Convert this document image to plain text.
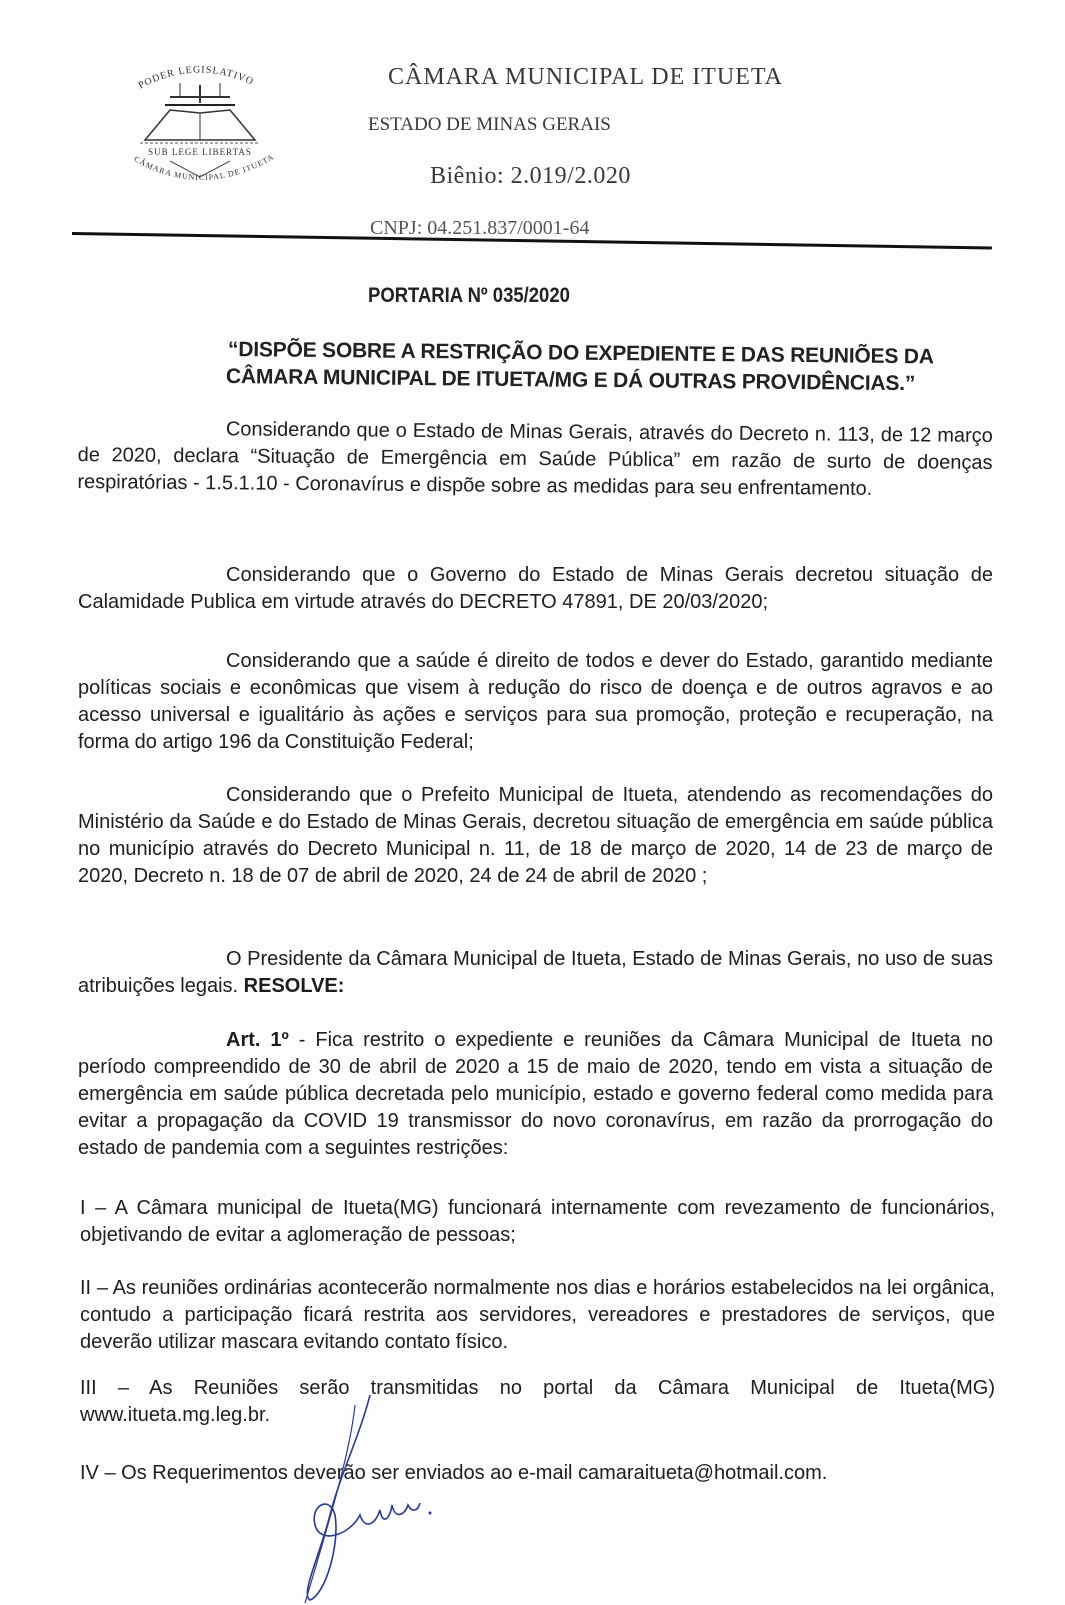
PODER LEGISLATIVO
SUB LEGE LIBERTAS
CÂMARA MUNICIPAL DE ITUETA
CÂMARA MUNICIPAL DE ITUETA
ESTADO DE MINAS GERAIS
Biênio: 2.019/2.020
CNPJ: 04.251.837/0001-64
PORTARIA Nº 035/2020
“DISPÕE SOBRE A RESTRIÇÃO DO EXPEDIENTE E DAS REUNIÕES DA
CÂMARA MUNICIPAL DE ITUETA/MG E DÁ OUTRAS PROVIDÊNCIAS.”
Considerando que o Estado de Minas Gerais, através do Decreto n. 113, de 12 março de 2020, declara “Situação de Emergência em Saúde Pública” em razão de surto de doenças respiratórias - 1.5.1.10 - Coronavírus e dispõe sobre as medidas para seu enfrentamento.
Considerando que o Governo do Estado de Minas Gerais decretou situação de Calamidade Publica em virtude através do DECRETO 47891, DE 20/03/2020;
Considerando que a saúde é direito de todos e dever do Estado, garantido mediante políticas sociais e econômicas que visem à redução do risco de doença e de outros agravos e ao acesso universal e igualitário às ações e serviços para sua promoção, proteção e recuperação, na forma do artigo 196 da Constituição Federal;
Considerando que o Prefeito Municipal de Itueta, atendendo as recomendações do Ministério da Saúde e do Estado de Minas Gerais, decretou situação de emergência em saúde pública no município através do Decreto Municipal n. 11, de 18 de março de 2020, 14 de 23 de março de 2020, Decreto n. 18 de 07 de abril de 2020, 24 de 24 de abril de 2020 ;
O Presidente da Câmara Municipal de Itueta, Estado de Minas Gerais, no uso de suas atribuições legais. RESOLVE:
Art. 1º - Fica restrito o expediente e reuniões da Câmara Municipal de Itueta no período compreendido de 30 de abril de 2020 a 15 de maio de 2020, tendo em vista a situação de emergência em saúde pública decretada pelo município, estado e governo federal como medida para evitar a propagação da COVID 19 transmissor do novo coronavírus, em razão da prorrogação do estado de pandemia com a seguintes restrições:
I – A Câmara municipal de Itueta(MG) funcionará internamente com revezamento de funcionários, objetivando de evitar a aglomeração de pessoas;
II – As reuniões ordinárias acontecerão normalmente nos dias e horários estabelecidos na lei orgânica, contudo a participação ficará restrita aos servidores, vereadores e prestadores de serviços, que deverão utilizar mascara evitando contato físico.
III – As Reuniões serão transmitidas no portal da Câmara Municipal de Itueta(MG) www.itueta.mg.leg.br.
IV – Os Requerimentos deverão ser enviados ao e-mail camaraitueta@hotmail.com.
